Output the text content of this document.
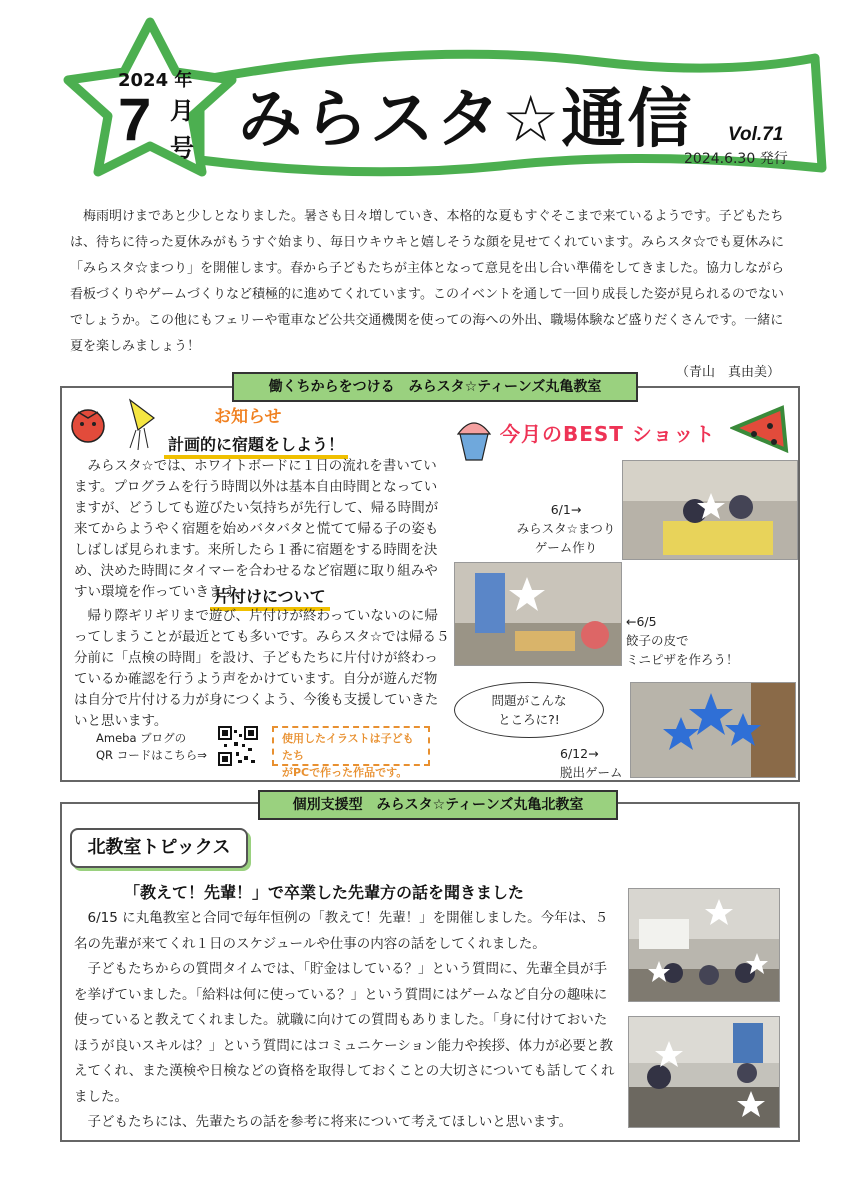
2024 年
7 月
号 みらスタ☆通信 Vol.71
2024.6.30 発行

梅雨明けまであと少しとなりました。暑さも日々増していき、本格的な夏もすぐそこまで来ているようです。子どもたちは、待ちに待った夏休みがもうすぐ始まり、毎日ウキウキと嬉しそうな顔を見せてくれています。みらスタ☆でも夏休みに「みらスタ☆まつり」を開催します。春から子どもたちが主体となって意見を出し合い準備をしてきました。協力しながら看板づくりやゲームづくりなど積極的に進めてくれています。このイベントを通して一回り成長した姿が見られるのでないでしょうか。この他にもフェリーや電車など公共交通機関を使っての海への外出、職場体験など盛りだくさんです。一緒に夏を楽しみましょう！

（青山　真由美）
働くちからをつける　みらスタ☆ティーンズ丸亀教室
お知らせ
計画的に宿題をしよう！

みらスタ☆では、ホワイトボードに１日の流れを書いています。プログラムを行う時間以外は基本自由時間となっていますが、どうしても遊びたい気持ちが先行して、帰る時間が来てからようやく宿題を始めバタバタと慌てて帰る子の姿もしばしば見られます。来所したら１番に宿題をする時間を決め、決めた時間にタイマーを合わせるなど宿題に取り組みやすい環境を作っていきます。

片付けについて

帰り際ギリギリまで遊び、片付けが終わっていないのに帰ってしまうことが最近とても多いです。みらスタ☆では帰る５分前に「点検の時間」を設け、子どもたちに片付けが終わっているか確認を行うよう声をかけています。自分が遊んだ物は自分で片付ける力が身につくよう、今後も支援していきたいと思います。

今月のBEST ショット
6/1→
みらスタ☆まつり
ゲーム作り
←6/5
餃子の皮で
ミニピザを作ろう！
問題がこんな
ところに?!
6/12→
脱出ゲーム
Ameba ブログの
QR コードはこちら⇒
使用したイラストは子どもたち
がPCで作った作品です。
個別支援型　みらスタ☆ティーンズ丸亀北教室
北教室トピックス
「教えて！先輩！」で卒業した先輩方の話を聞きました

6/15 に丸亀教室と合同で毎年恒例の「教えて！先輩！」を開催しました。今年は、５名の先輩が来てくれ１日のスケジュールや仕事の内容の話をしてくれました。

子どもたちからの質問タイムでは、「貯金はしている？」という質問に、先輩全員が手を挙げていました。「給料は何に使っている？」という質問にはゲームなど自分の趣味に使っていると教えてくれました。就職に向けての質問もありました。「身に付けておいたほうが良いスキルは？」という質問にはコミュニケーション能力や挨拶、体力が必要と教えてくれ、また漢検や日検などの資格を取得しておくことの大切さについても話してくれました。

子どもたちには、先輩たちの話を参考に将来について考えてほしいと思います。
